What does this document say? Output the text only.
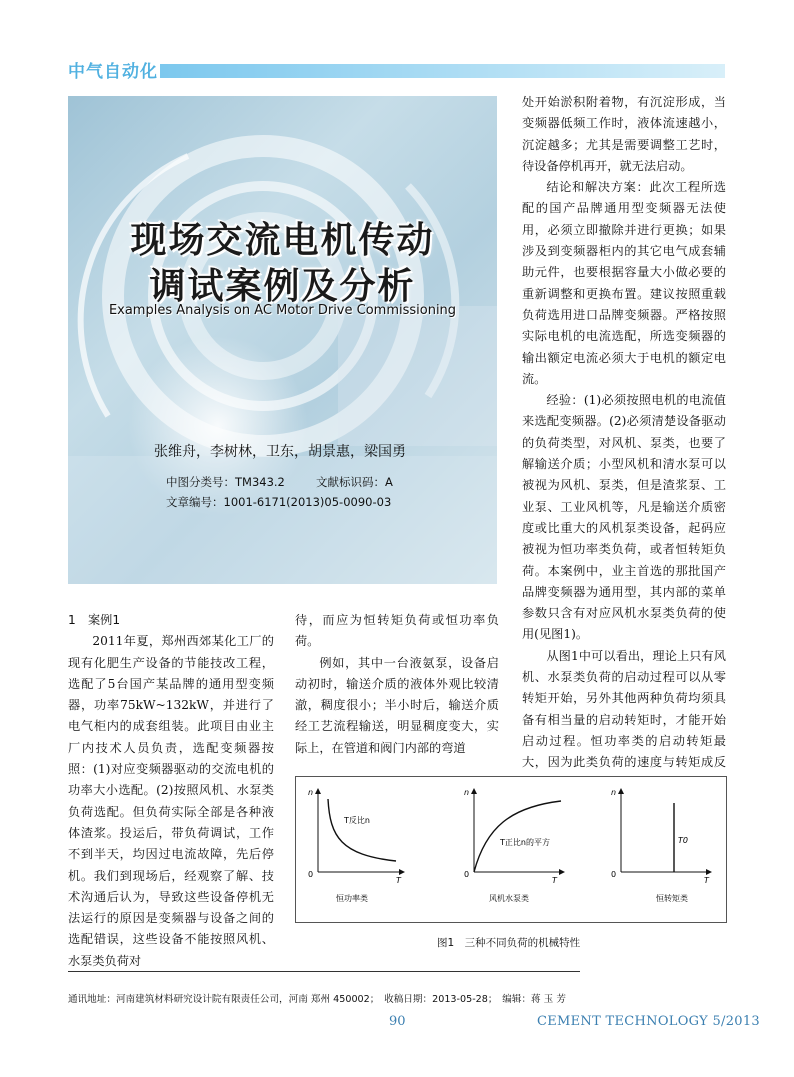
中气自动化
现场交流电机传动
调试案例及分析
Examples Analysis on AC Motor Drive Commissioning
张维舟，李树林，卫东，胡景惠，梁国勇
中图分类号：TM343.2	文献标识码：A
文章编号：1001-6171(2013)05-0090-03

处开始淤积附着物，有沉淀形成，当变频器低频工作时，液体流速越小，沉淀越多；尤其是需要调整工艺时，待设备停机再开，就无法启动。

结论和解决方案：此次工程所选配的国产品牌通用型变频器无法使用，必须立即撤除并进行更换；如果涉及到变频器柜内的其它电气成套辅助元件，也要根据容量大小做必要的重新调整和更换布置。建议按照重载负荷选用进口品牌变频器。严格按照实际电机的电流选配，所选变频器的输出额定电流必须大于电机的额定电流。

经验：(1)必须按照电机的电流值来选配变频器。(2)必须清楚设备驱动的负荷类型，对风机、泵类，也要了解输送介质；小型风机和清水泵可以被视为风机、泵类，但是渣浆泵、工业泵、工业风机等，凡是输送介质密度或比重大的风机泵类设备，起码应被视为恒功率类负荷，或者恒转矩负荷。本案例中，业主首选的那批国产品牌变频器为通用型，其内部的菜单参数只含有对应风机水泵类负荷的使用(见图1)。

从图1中可以看出，理论上只有风机、水泵类负荷的启动过程可以从零转矩开始，另外其他两种负荷均须具备有相当量的启动转矩时，才能开始启动过程。恒功率类的启动转矩最大，因为此类负荷的速度与转矩成反

1　案例1

2011年夏，郑州西郊某化工厂的现有化肥生产设备的节能技改工程，选配了5台国产某品牌的通用型变频器，功率75kW~132kW，并进行了电气柜内的成套组装。此项目由业主厂内技术人员负责，选配变频器按照：(1)对应变频器驱动的交流电机的功率大小选配。(2)按照风机、水泵类负荷选配。但负荷实际全部是各种液体渣浆。投运后，带负荷调试，工作不到半天，均因过电流故障，先后停机。我们到现场后，经观察了解、技术沟通后认为，导致这些设备停机无法运行的原因是变频器与设备之间的选配错误，这些设备不能按照风机、水泵类负荷对

待，而应为恒转矩负荷或恒功率负荷。

例如，其中一台液氨泵，设备启动初时，输送介质的液体外观比较清澈，稠度很小；半小时后，输送介质经工艺流程输送，明显稠度变大，实际上，在管道和阀门内部的弯道

n
T
0
T反比n
恒功率类
n
T
0
T正比n的平方
风机水泵类
n
T
0
T0
恒转矩类
图1　三种不同负荷的机械特性
通讯地址：河南建筑材料研究设计院有限责任公司，河南 郑州 450002；　收稿日期：2013-05-28；　编辑：蒋 玉 芳
90	CEMENT TECHNOLOGY 5/2013
